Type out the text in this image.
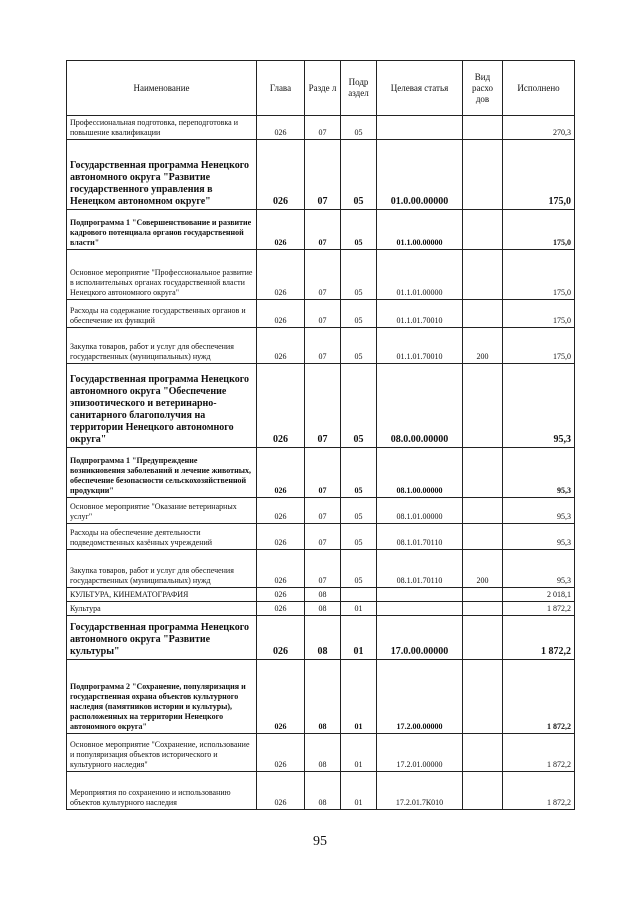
Наименование	Глава	Разде л	Подр аздел	Целевая статья	Вид расхо дов	Исполнено
Профессиональная подготовка, переподготовка и повышение квалификации	026	07	05			270,3
Государственная программа Ненецкого автономного округа "Развитие государственного управления в Ненецком автономном округе"	026	07	05	01.0.00.00000		175,0
Подпрограмма 1 "Совершенствование и развитие кадрового потенциала органов государственной власти"	026	07	05	01.1.00.00000		175,0
Основное мероприятие "Профессиональное развитие в исполнительных органах государственной власти Ненецкого автономного округа"	026	07	05	01.1.01.00000		175,0
Расходы на содержание государственных органов и обеспечение их функций	026	07	05	01.1.01.70010		175,0
Закупка товаров, работ и услуг для обеспечения государственных (муниципальных) нужд	026	07	05	01.1.01.70010	200	175,0
Государственная программа Ненецкого автономного округа "Обеспечение эпизоотического и ветеринарно-санитарного благополучия на территории Ненецкого автономного округа"	026	07	05	08.0.00.00000		95,3
Подпрограмма 1 "Предупреждение возникновения заболеваний и лечение животных, обеспечение безопасности сельскохозяйственной продукции"	026	07	05	08.1.00.00000		95,3
Основное мероприятие "Оказание ветеринарных услуг"	026	07	05	08.1.01.00000		95,3
Расходы на обеспечение деятельности подведомственных казённых учреждений	026	07	05	08.1.01.70110		95,3
Закупка товаров, работ и услуг для обеспечения государственных (муниципальных) нужд	026	07	05	08.1.01.70110	200	95,3
КУЛЬТУРА, КИНЕМАТОГРАФИЯ	026	08				2 018,1
Культура	026	08	01			1 872,2
Государственная программа Ненецкого автономного округа "Развитие культуры"	026	08	01	17.0.00.00000		1 872,2
Подпрограмма 2 "Сохранение, популяризация и государственная охрана объектов культурного наследия (памятников истории и культуры), расположенных на территории Ненецкого автономного округа"	026	08	01	17.2.00.00000		1 872,2
Основное мероприятие "Сохранение, использование и популяризация объектов исторического и культурного наследия"	026	08	01	17.2.01.00000		1 872,2
Мероприятия по сохранению и использованию объектов культурного наследия	026	08	01	17.2.01.7К010		1 872,2
95
